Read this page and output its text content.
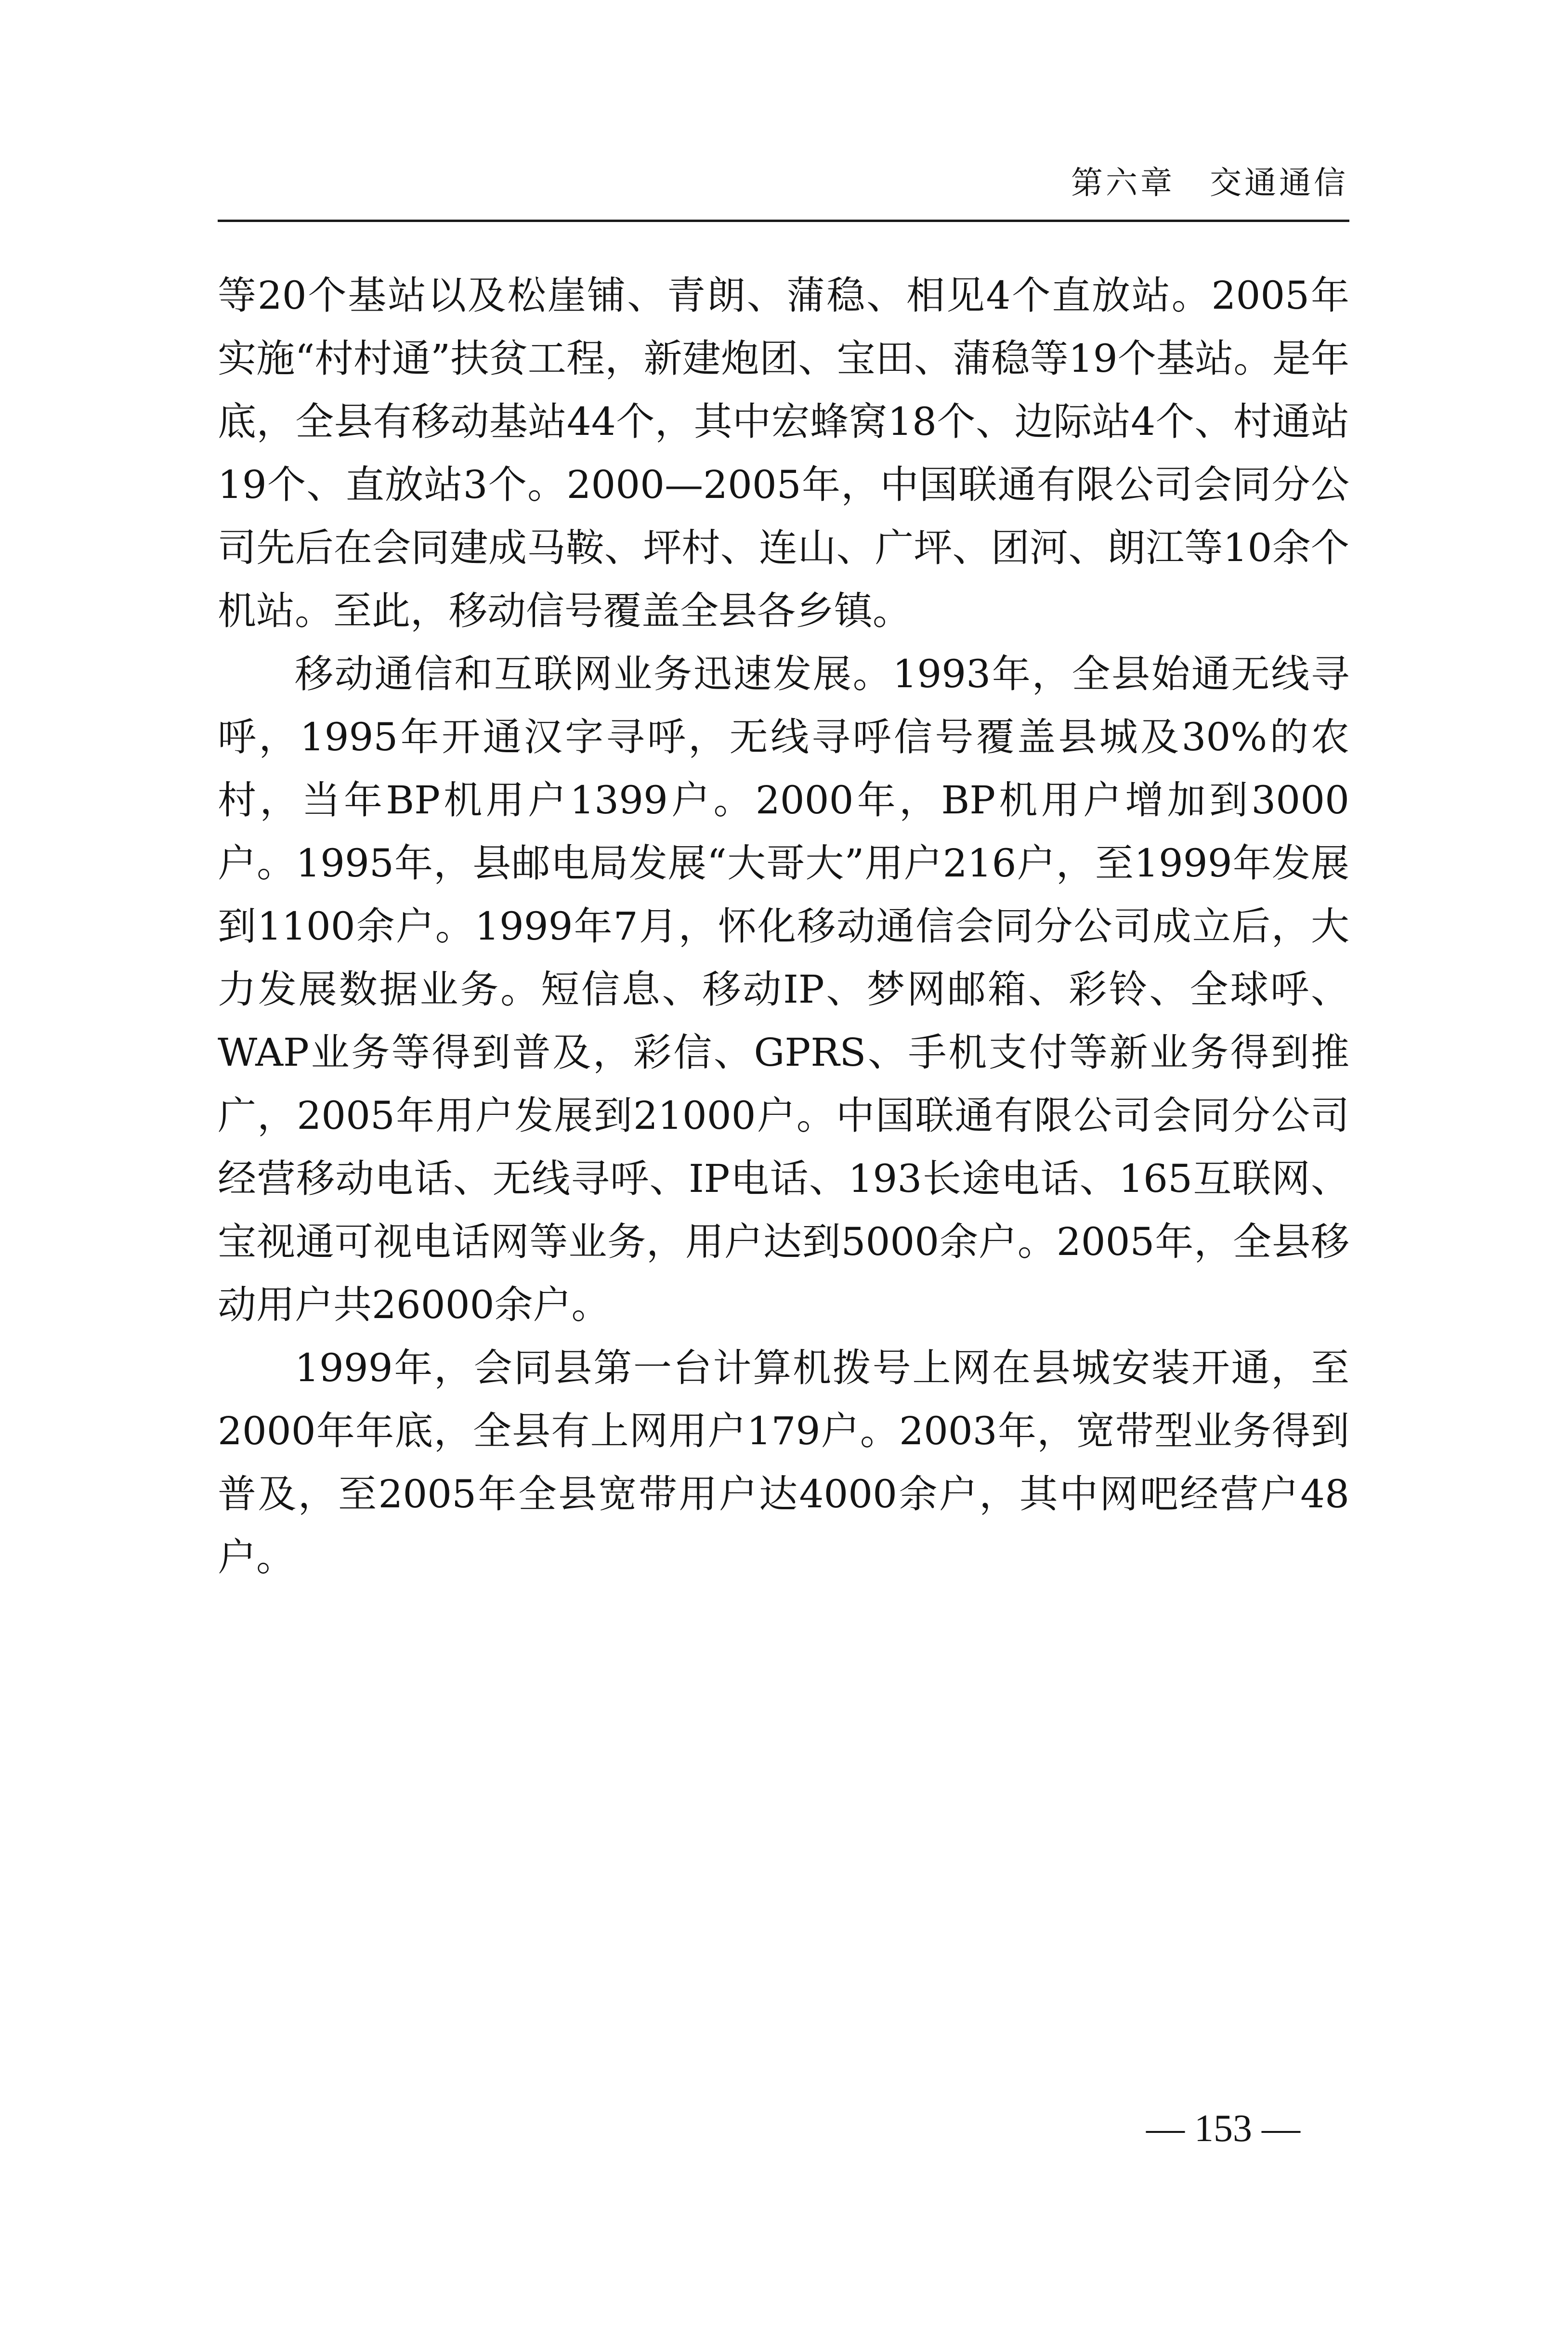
第六章　 交通通信

等20个基站以及松崖铺、青朗、蒲稳、相见4个直放站。2005年实施“村村通”扶贫工程，新建炮团、宝田、蒲稳等19个基站。是年底，全县有移动基站44个，其中宏蜂窝18个、边际站4个、村通站19个、直放站3个。2000—2005年，中国联通有限公司会同分公司先后在会同建成马鞍、坪村、连山、广坪、团河、朗江等10余个机站。至此，移动信号覆盖全县各乡镇。

移动通信和互联网业务迅速发展。1993年，全县始通无线寻呼，1995年开通汉字寻呼，无线寻呼信号覆盖县城及30%的农村，当年BP机用户1399户。2000年，BP机用户增加到3000户。1995年，县邮电局发展“大哥大”用户216户，至1999年发展到1100余户。1999年7月，怀化移动通信会同分公司成立后，大力发展数据业务。短信息、移动IP、梦网邮箱、彩铃、全球呼、WAP业务等得到普及，彩信、GPRS、手机支付等新业务得到推广，2005年用户发展到21000户。中国联通有限公司会同分公司经营移动电话、无线寻呼、IP电话、193长途电话、165互联网、宝视通可视电话网等业务，用户达到5000余户。2005年，全县移动用户共26000余户。

1999年，会同县第一台计算机拨号上网在县城安装开通，至2000年年底，全县有上网用户179户。2003年，宽带型业务得到普及，至2005年全县宽带用户达4000余户，其中网吧经营户48户。

— 153 —
